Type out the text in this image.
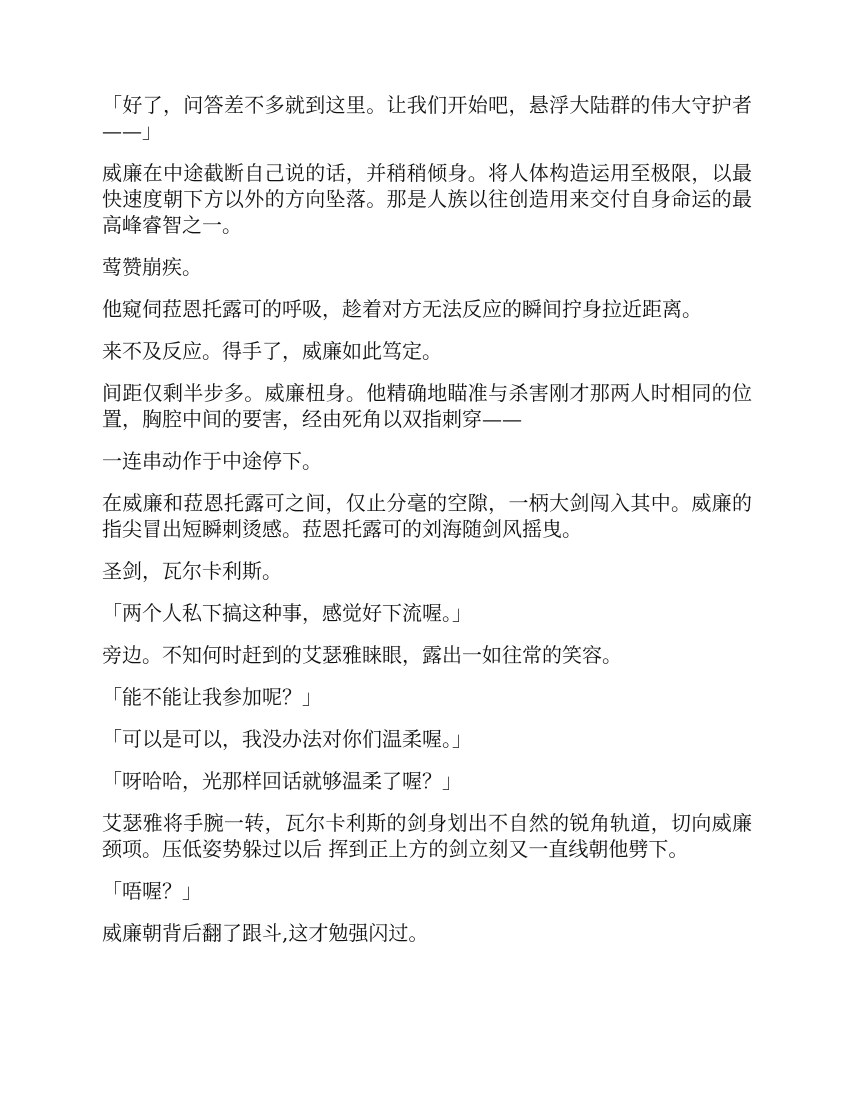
「好了，问答差不多就到这里。让我们开始吧，悬浮大陆群的伟大守护者——」

威廉在中途截断自己说的话，并稍稍倾身。将人体构造运用至极限，以最快速度朝下方以外的方向坠落。那是人族以往创造用来交付自身命运的最高峰睿智之一。

莺赞崩疾。

他窥伺菈恩托露可的呼吸，趁着对方无法反应的瞬间拧身拉近距离。

来不及反应。得手了，威廉如此笃定。

间距仅剩半步多。威廉杻身。他精确地瞄准与杀害刚才那两人时相同的位置，胸腔中间的要害，经由死角以双指刺穿——

一连串动作于中途停下。

在威廉和菈恩托露可之间，仅止分毫的空隙，一柄大剑闯入其中。威廉的指尖冒出短瞬刺烫感。菈恩托露可的刘海随剑风摇曳。

圣剑，瓦尔卡利斯。

「两个人私下搞这种事，感觉好下流喔。」

旁边。不知何时赶到的艾瑟雅睐眼，露出一如往常的笑容。

「能不能让我参加呢？」

「可以是可以，我没办法对你们温柔喔。」

「呀哈哈，光那样回话就够温柔了喔？」

艾瑟雅将手腕一转，瓦尔卡利斯的剑身划出不自然的锐角轨道，切向威廉颈项。压低姿势躲过以后 挥到正上方的剑立刻又一直线朝他劈下。

「唔喔？」

威廉朝背后翻了跟斗,这才勉强闪过。
